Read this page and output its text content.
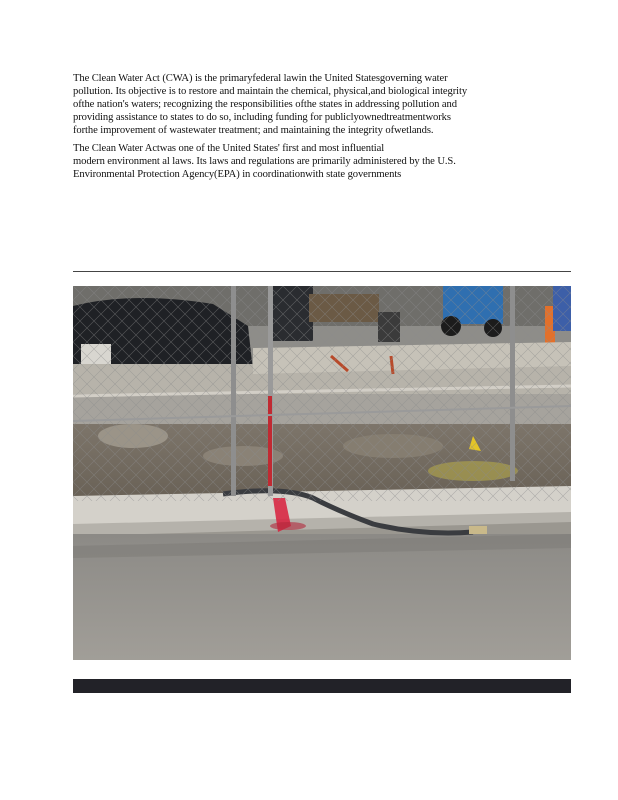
The Clean Water Act (CWA) is the primaryfederal lawin the United Statesgoverning water
pollution. Its objective is to restore and maintain the chemical, physical,and biological integrity
ofthe nation's waters; recognizing the responsibilities ofthe states in addressing pollution and
providing assistance to states to do so, including funding for publiclyownedtreatmentworks
forthe improvement of wastewater treatment; and maintaining the integrity ofwetlands.

The Clean Water Actwas one of the United States' first and most influential
modern environment al laws. Its laws and regulations are primarily administered by the U.S.
Environmental Protection Agency(EPA) in coordinationwith state governments
